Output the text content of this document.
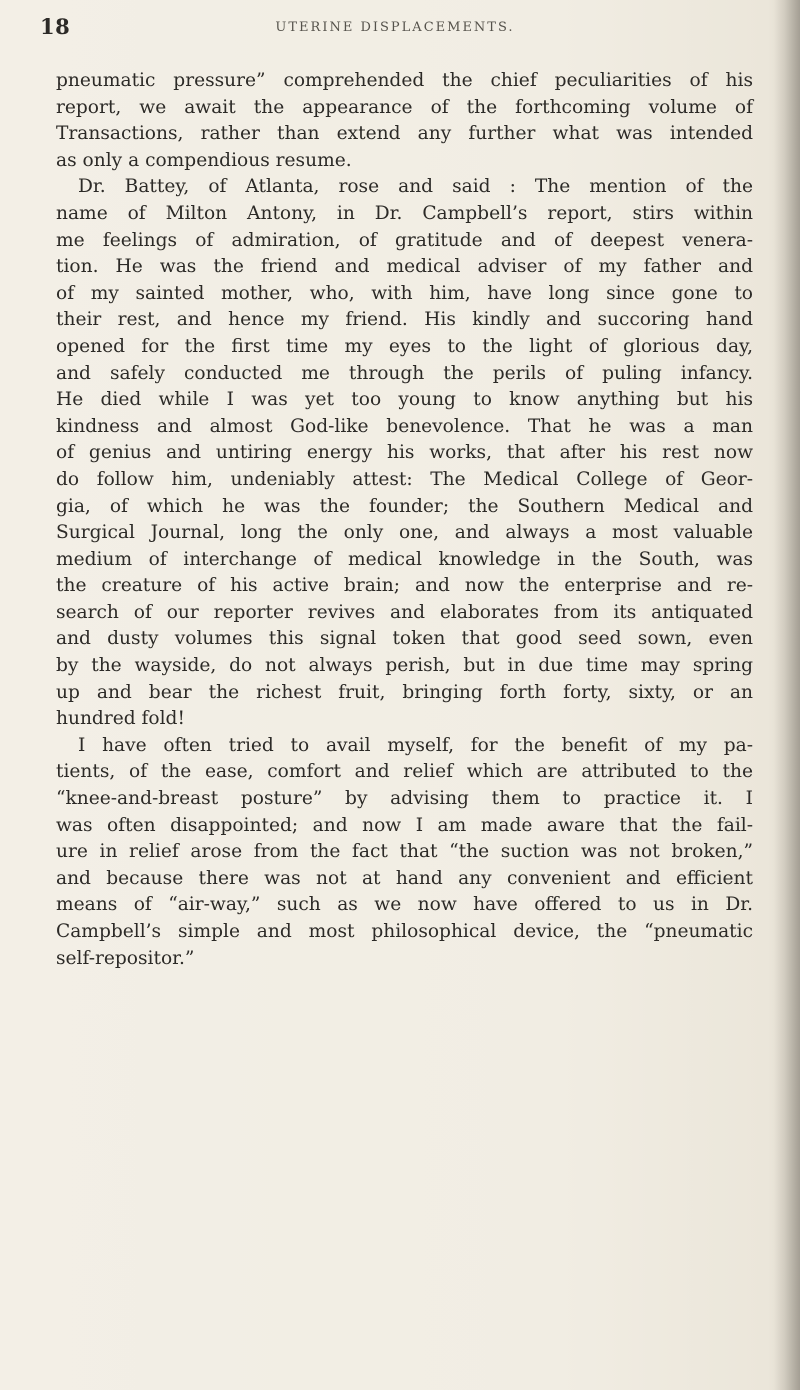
18	UTERINE DISPLACEMENTS.
pneumatic pressure” comprehended the chief peculiarities of his
report, we await the appearance of the forthcoming volume of
Transactions, rather than extend any further what was intended
as only a compendious resume.
Dr. Battey, of Atlanta, rose and said : The mention of the
name of Milton Antony, in Dr. Campbell’s report, stirs within
me feelings of admiration, of gratitude and of deepest venera-
tion. He was the friend and medical adviser of my father and
of my sainted mother, who, with him, have long since gone to
their rest, and hence my friend. His kindly and succoring hand
opened for the first time my eyes to the light of glorious day,
and safely conducted me through the perils of puling infancy.
He died while I was yet too young to know anything but his
kindness and almost God-like benevolence. That he was a man
of genius and untiring energy his works, that after his rest now
do follow him, undeniably attest: The Medical College of Geor-
gia, of which he was the founder; the Southern Medical and
Surgical Journal, long the only one, and always a most valuable
medium of interchange of medical knowledge in the South, was
the creature of his active brain; and now the enterprise and re-
search of our reporter revives and elaborates from its antiquated
and dusty volumes this signal token that good seed sown, even
by the wayside, do not always perish, but in due time may spring
up and bear the richest fruit, bringing forth forty, sixty, or an
hundred fold!
I have often tried to avail myself, for the benefit of my pa-
tients, of the ease, comfort and relief which are attributed to the
“knee-and-breast posture” by advising them to practice it. I
was often disappointed; and now I am made aware that the fail-
ure in relief arose from the fact that “the suction was not broken,”
and because there was not at hand any convenient and efficient
means of “air-way,” such as we now have offered to us in Dr.
Campbell’s simple and most philosophical device, the “pneumatic
self-repositor.”
